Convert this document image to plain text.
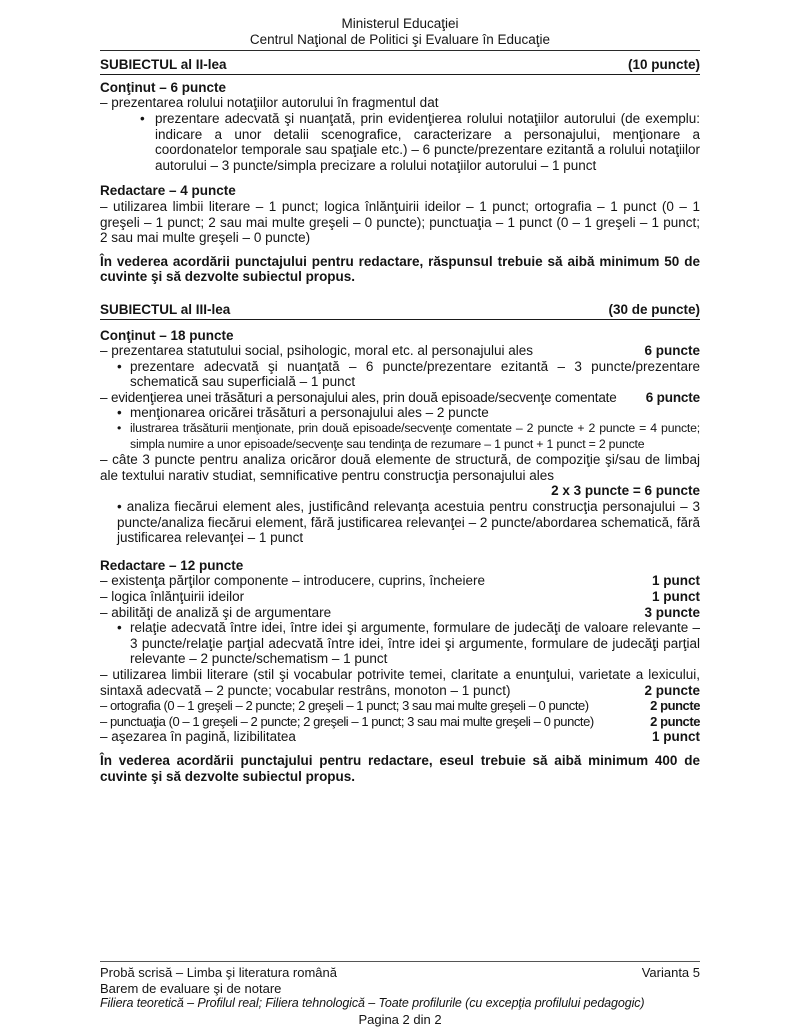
Ministerul Educaţiei
Centrul Naţional de Politici şi Evaluare în Educaţie
SUBIECTUL al II-lea	(10 puncte)
Conţinut – 6 puncte
– prezentarea rolului notaţiilor autorului în fragmentul dat
• prezentare adecvată şi nuanţată, prin evidenţierea rolului notaţiilor autorului (de exemplu: indicare a unor detalii scenografice, caracterizare a personajului, menţionare a coordonatelor temporale sau spaţiale etc.) – 6 puncte/prezentare ezitantă a rolului notaţiilor autorului – 3 puncte/simpla precizare a rolului notaţiilor autorului – 1 punct
Redactare – 4 puncte
– utilizarea limbii literare – 1 punct; logica înlănţuirii ideilor – 1 punct; ortografia – 1 punct (0 – 1 greşeli – 1 punct; 2 sau mai multe greşeli – 0 puncte); punctuaţia – 1 punct (0 – 1 greşeli – 1 punct; 2 sau mai multe greşeli – 0 puncte)
În vederea acordării punctajului pentru redactare, răspunsul trebuie să aibă minimum 50 de cuvinte şi să dezvolte subiectul propus.
SUBIECTUL al III-lea	(30 de puncte)
Conţinut – 18 puncte
– prezentarea statutului social, psihologic, moral etc. al personajului ales	6 puncte
• prezentare adecvată şi nuanţată – 6 puncte/prezentare ezitantă – 3 puncte/prezentare schematică sau superficială – 1 punct
– evidenţierea unei trăsături a personajului ales, prin două episoade/secvenţe comentate 6 puncte
• menţionarea oricărei trăsături a personajului ales – 2 puncte
• ilustrarea trăsăturii menţionate, prin două episoade/secvenţe comentate – 2 puncte + 2 puncte = 4 puncte; simpla numire a unor episoade/secvenţe sau tendinţa de rezumare – 1 punct + 1 punct = 2 puncte
– câte 3 puncte pentru analiza oricăror două elemente de structură, de compoziţie şi/sau de limbaj ale textului narativ studiat, semnificative pentru construcţia personajului ales
2 x 3 puncte = 6 puncte
• analiza fiecărui element ales, justificând relevanţa acestuia pentru construcţia personajului – 3 puncte/analiza fiecărui element, fără justificarea relevanţei – 2 puncte/abordarea schematică, fără justificarea relevanţei – 1 punct
Redactare – 12 puncte
– existenţa părţilor componente – introducere, cuprins, încheiere	1 punct
– logica înlănţuirii ideilor	1 punct
– abilităţi de analiză şi de argumentare	3 puncte
• relaţie adecvată între idei, între idei şi argumente, formulare de judecăţi de valoare relevante – 3 puncte/relaţie parţial adecvată între idei, între idei şi argumente, formulare de judecăţi parţial relevante – 2 puncte/schematism – 1 punct
– utilizarea limbii literare (stil şi vocabular potrivite temei, claritate a enunţului, varietate a lexicului, sintaxă adecvată – 2 puncte; vocabular restrâns, monoton – 1 punct)	2 puncte
– ortografia (0 – 1 greşeli – 2 puncte; 2 greşeli – 1 punct; 3 sau mai multe greşeli – 0 puncte)	2 puncte
– punctuaţia (0 – 1 greşeli – 2 puncte; 2 greşeli – 1 punct; 3 sau mai multe greşeli – 0 puncte)	2 puncte
– aşezarea în pagină, lizibilitatea	1 punct
În vederea acordării punctajului pentru redactare, eseul trebuie să aibă minimum 400 de cuvinte şi să dezvolte subiectul propus.
Probă scrisă – Limba şi literatura română	Varianta 5
Barem de evaluare şi de notare
Filiera teoretică – Profilul real; Filiera tehnologică – Toate profilurile (cu excepţia profilului pedagogic)
Pagina 2 din 2
